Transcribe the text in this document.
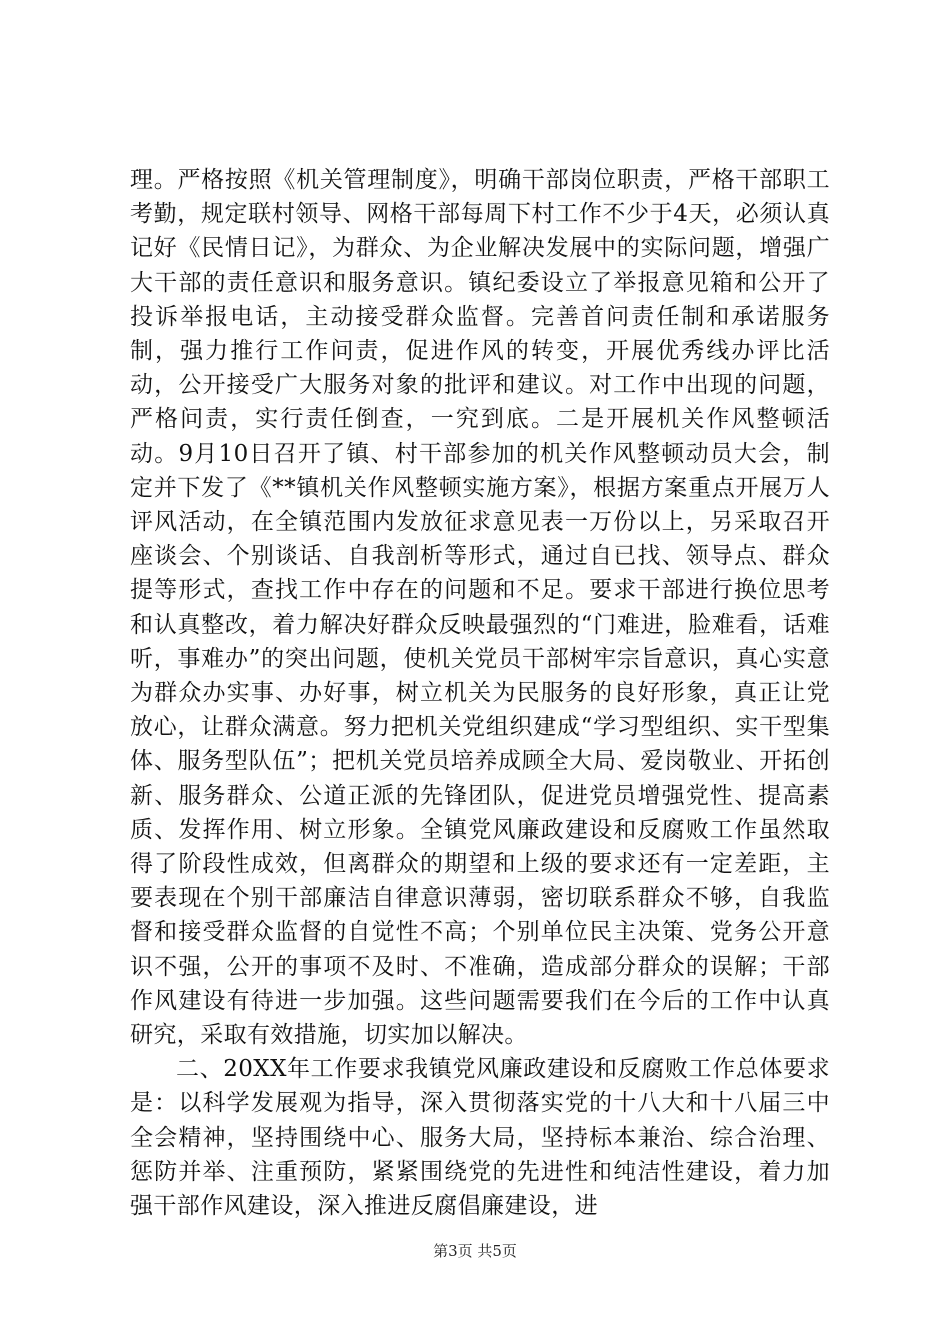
理。严格按照《机关管理制度》，明确干部岗位职责，严格干部职工考勤，规定联村领导、网格干部每周下村工作不少于4天，必须认真记好《民情日记》，为群众、为企业解决发展中的实际问题，增强广大干部的责任意识和服务意识。镇纪委设立了举报意见箱和公开了投诉举报电话，主动接受群众监督。完善首问责任制和承诺服务制，强力推行工作问责，促进作风的转变，开展优秀线办评比活动，公开接受广大服务对象的批评和建议。对工作中出现的问题，严格问责，实行责任倒查，一究到底。二是开展机关作风整顿活动。9月10日召开了镇、村干部参加的机关作风整顿动员大会，制定并下发了《**镇机关作风整顿实施方案》，根据方案重点开展万人评风活动，在全镇范围内发放征求意见表一万份以上，另采取召开座谈会、个别谈话、自我剖析等形式，通过自已找、领导点、群众提等形式，查找工作中存在的问题和不足。要求干部进行换位思考和认真整改，着力解决好群众反映最强烈的“门难进，脸难看，话难听，事难办”的突出问题，使机关党员干部树牢宗旨意识，真心实意为群众办实事、办好事，树立机关为民服务的良好形象，真正让党放心，让群众满意。努力把机关党组织建成“学习型组织、实干型集体、服务型队伍”；把机关党员培养成顾全大局、爱岗敬业、开拓创新、服务群众、公道正派的先锋团队，促进党员增强党性、提高素质、发挥作用、树立形象。全镇党风廉政建设和反腐败工作虽然取得了阶段性成效，但离群众的期望和上级的要求还有一定差距，主要表现在个别干部廉洁自律意识薄弱，密切联系群众不够，自我监督和接受群众监督的自觉性不高；个别单位民主决策、党务公开意识不强，公开的事项不及时、不准确，造成部分群众的误解；干部作风建设有待进一步加强。这些问题需要我们在今后的工作中认真研究，采取有效措施，切实加以解决。

二、20XX年工作要求我镇党风廉政建设和反腐败工作总体要求是：以科学发展观为指导，深入贯彻落实党的十八大和十八届三中全会精神，坚持围绕中心、服务大局，坚持标本兼治、综合治理、惩防并举、注重预防，紧紧围绕党的先进性和纯洁性建设，着力加强干部作风建设，深入推进反腐倡廉建设，进

第3页 共5页
